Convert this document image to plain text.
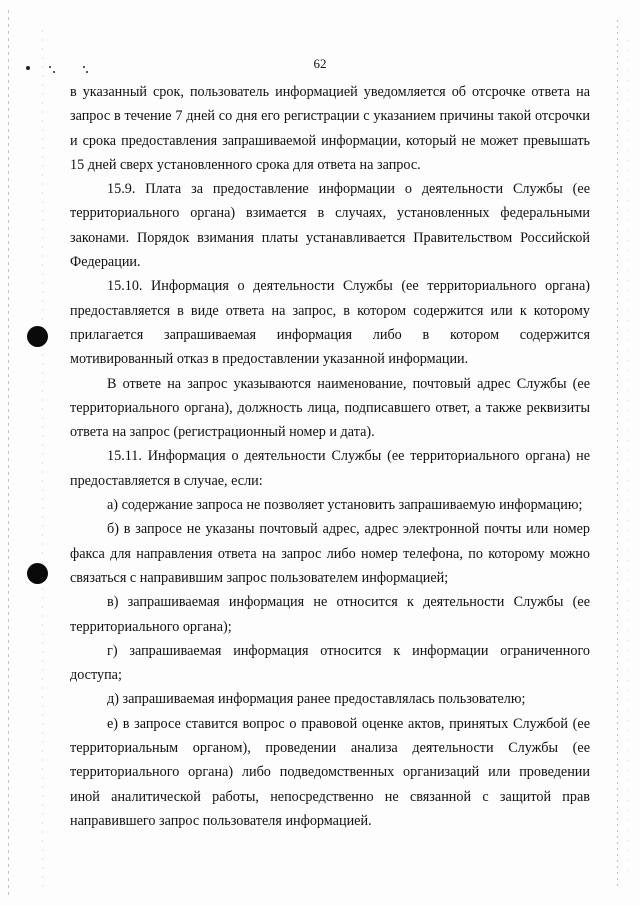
62

в указанный срок, пользователь информацией уведомляется об отсрочке ответа на запрос в течение 7 дней со дня его регистрации с указанием причины такой отсрочки и срока предоставления запрашиваемой информации, который не может превышать 15 дней сверх установленного срока для ответа на запрос.

15.9. Плата за предоставление информации о деятельности Службы (ее территориального органа) взимается в случаях, установленных федеральными законами. Порядок взимания платы устанавливается Правительством Российской Федерации.

15.10. Информация о деятельности Службы (ее территориального органа) предоставляется в виде ответа на запрос, в котором содержится или к которому прилагается запрашиваемая информация либо в котором содержится мотивированный отказ в предоставлении указанной информации.

В ответе на запрос указываются наименование, почтовый адрес Службы (ее территориального органа), должность лица, подписавшего ответ, а также реквизиты ответа на запрос (регистрационный номер и дата).

15.11. Информация о деятельности Службы (ее территориального органа) не предоставляется в случае, если:

а) содержание запроса не позволяет установить запрашиваемую информацию;

б) в запросе не указаны почтовый адрес, адрес электронной почты или номер факса для направления ответа на запрос либо номер телефона, по которому можно связаться с направившим запрос пользователем информацией;

в) запрашиваемая информация не относится к деятельности Службы (ее территориального органа);

г) запрашиваемая информация относится к информации ограниченного доступа;

д) запрашиваемая информация ранее предоставлялась пользователю;

е) в запросе ставится вопрос о правовой оценке актов, принятых Службой (ее территориальным органом), проведении анализа деятельности Службы (ее территориального органа) либо подведомственных организаций или проведении иной аналитической работы, непосредственно не связанной с защитой прав направившего запрос пользователя информацией.
